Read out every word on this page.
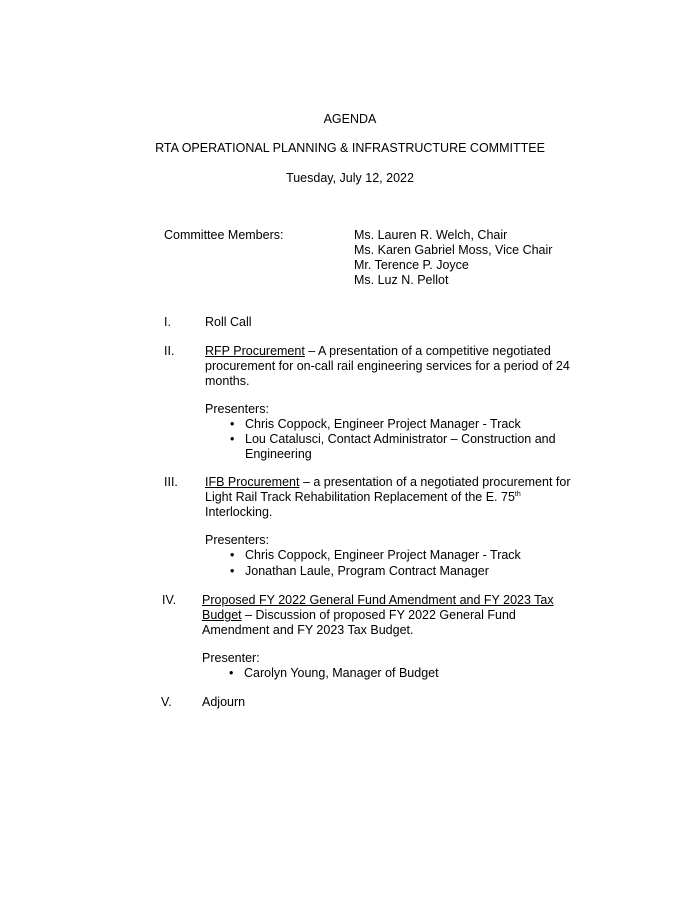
AGENDA
RTA OPERATIONAL PLANNING & INFRASTRUCTURE COMMITTEE
Tuesday, July 12, 2022
Committee Members:	Ms. Lauren R. Welch, Chair
Ms. Karen Gabriel Moss, Vice Chair
Mr. Terence P. Joyce
Ms. Luz N. Pellot
I.	Roll Call
II. RFP Procurement – A presentation of a competitive negotiated
procurement for on-call rail engineering services for a period of 24
months.
Presenters:
• Chris Coppock, Engineer Project Manager - Track
• Lou Catalusci, Contact Administrator – Construction and
Engineering
III. IFB Procurement – a presentation of a negotiated procurement for
Light Rail Track Rehabilitation Replacement of the E. 75th
Interlocking.
Presenters:
• Chris Coppock, Engineer Project Manager - Track
• Jonathan Laule, Program Contract Manager
IV. Proposed FY 2022 General Fund Amendment and FY 2023 Tax
Budget – Discussion of proposed FY 2022 General Fund
Amendment and FY 2023 Tax Budget.
Presenter:
• Carolyn Young, Manager of Budget
V. Adjourn
